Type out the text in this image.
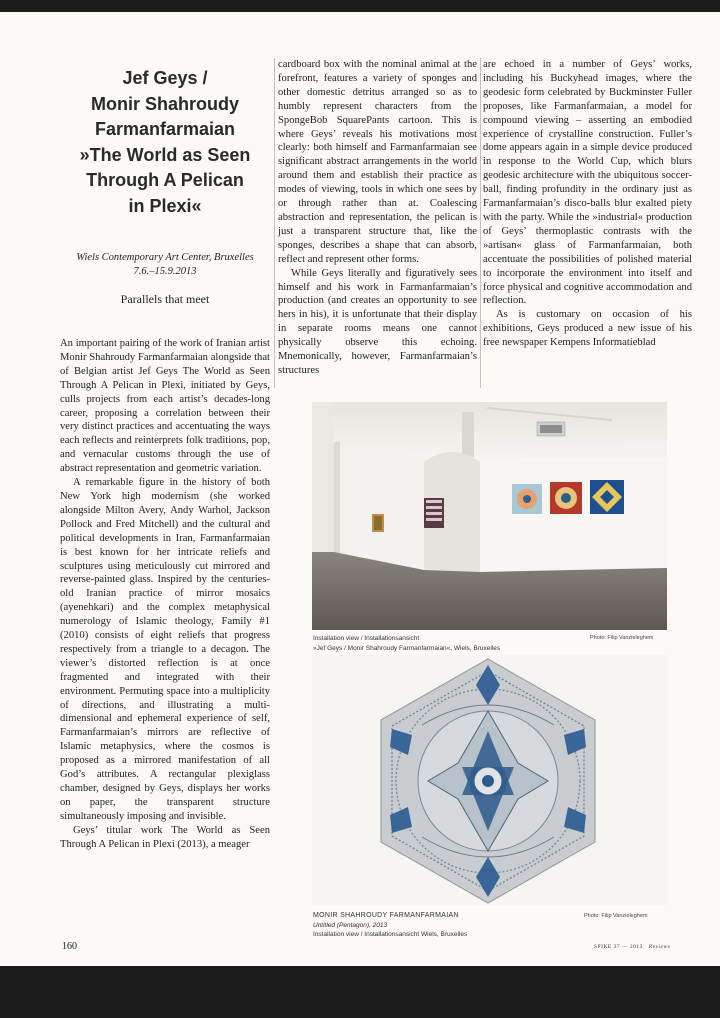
Jef Geys /
Monir Shahroudy
Farmanfarmaian
»The World as Seen
Through A Pelican
in Plexi«
Wiels Contemporary Art Center, Bruxelles
7.6.–15.9.2013
Parallels that meet

An important pairing of the work of Iranian artist Monir Shahroudy Farmanfarmaian alongside that of Belgian artist Jef Geys The World as Seen Through A Pelican in Plexi, initiated by Geys, culls projects from each artist’s decades-long career, proposing a correlation between their very distinct practices and accentuating the ways each reflects and reinterprets folk traditions, pop, and vernacular customs through the use of abstract representation and geometric variation.

A remarkable figure in the history of both New York high modernism (she worked alongside Milton Avery, Andy Warhol, Jackson Pollock and Fred Mitchell) and the cultural and political developments in Iran, Farmanfarmaian is best known for her intricate reliefs and sculptures using meticulously cut mirrored and reverse-painted glass. Inspired by the centuries-old Iranian practice of mirror mosaics (ayenehkari) and the complex metaphysical numerology of Islamic theology, Family #1 (2010) consists of eight reliefs that progress respectively from a triangle to a decagon. The viewer’s distorted reflection is at once fragmented and integrated with their environment. Permuting space into a multiplicity of directions, and illustrating a multi-dimensional and ephemeral experience of self, Farmanfarmaian’s mirrors are reflective of Islamic metaphysics, where the cosmos is proposed as a mirrored manifestation of all God’s attributes. A rectangular plexiglass chamber, designed by Geys, displays her works on paper, the transparent structure simultaneously imposing and invisible.

Geys’ titular work The World as Seen Through A Pelican in Plexi (2013), a meager

cardboard box with the nominal animal at the forefront, features a variety of sponges and other domestic detritus arranged so as to humbly represent characters from the SpongeBob SquarePants cartoon. This is where Geys’ reveals his motivations most clearly: both himself and Farmanfarmaian see significant abstract arrangements in the world around them and establish their practice as modes of viewing, tools in which one sees by or through rather than at. Coalescing abstraction and representation, the pelican is just a transparent structure that, like the sponges, describes a shape that can absorb, reflect and represent other forms.

While Geys literally and figuratively sees himself and his work in Farmanfarmaian’s production (and creates an opportunity to see hers in his), it is unfortunate that their display in separate rooms means one cannot physically observe this echoing. Mnemonically, however, Farmanfarmaian’s structures

are echoed in a number of Geys’ works, including his Buckyhead images, where the geodesic form celebrated by Buckminster Fuller proposes, like Farmanfarmaian, a model for compound viewing – asserting an embodied experience of crystalline construction. Fuller’s dome appears again in a simple device produced in response to the World Cup, which blurs geodesic architecture with the ubiquitous soccer-ball, finding profundity in the ordinary just as Farmanfarmaian’s disco-balls blur exalted piety with the party. While the »industrial« production of Geys’ thermoplastic contrasts with the »artisan« glass of Farmanfarmaian, both accentuate the possibilities of polished material to incorporate the environment into itself and force physical and cognitive accommodation and reflection.

As is customary on occasion of his exhibitions, Geys produced a new issue of his free newspaper Kempens Informatieblad

Installation view / Installationsansicht
»Jef Geys / Monir Shahroudy Farmanfarmaian«, Wiels, Bruxelles
Photo: Filip Vanzieleghem
MONIR SHAHROUDY FARMANFARMAIAN
Untitled (Pentagon), 2013
Installation view / Installationsansicht Wiels, Bruxelles
Photo: Filip Vanzieleghem
160	SPIKE 37 — 2013 Reviews
